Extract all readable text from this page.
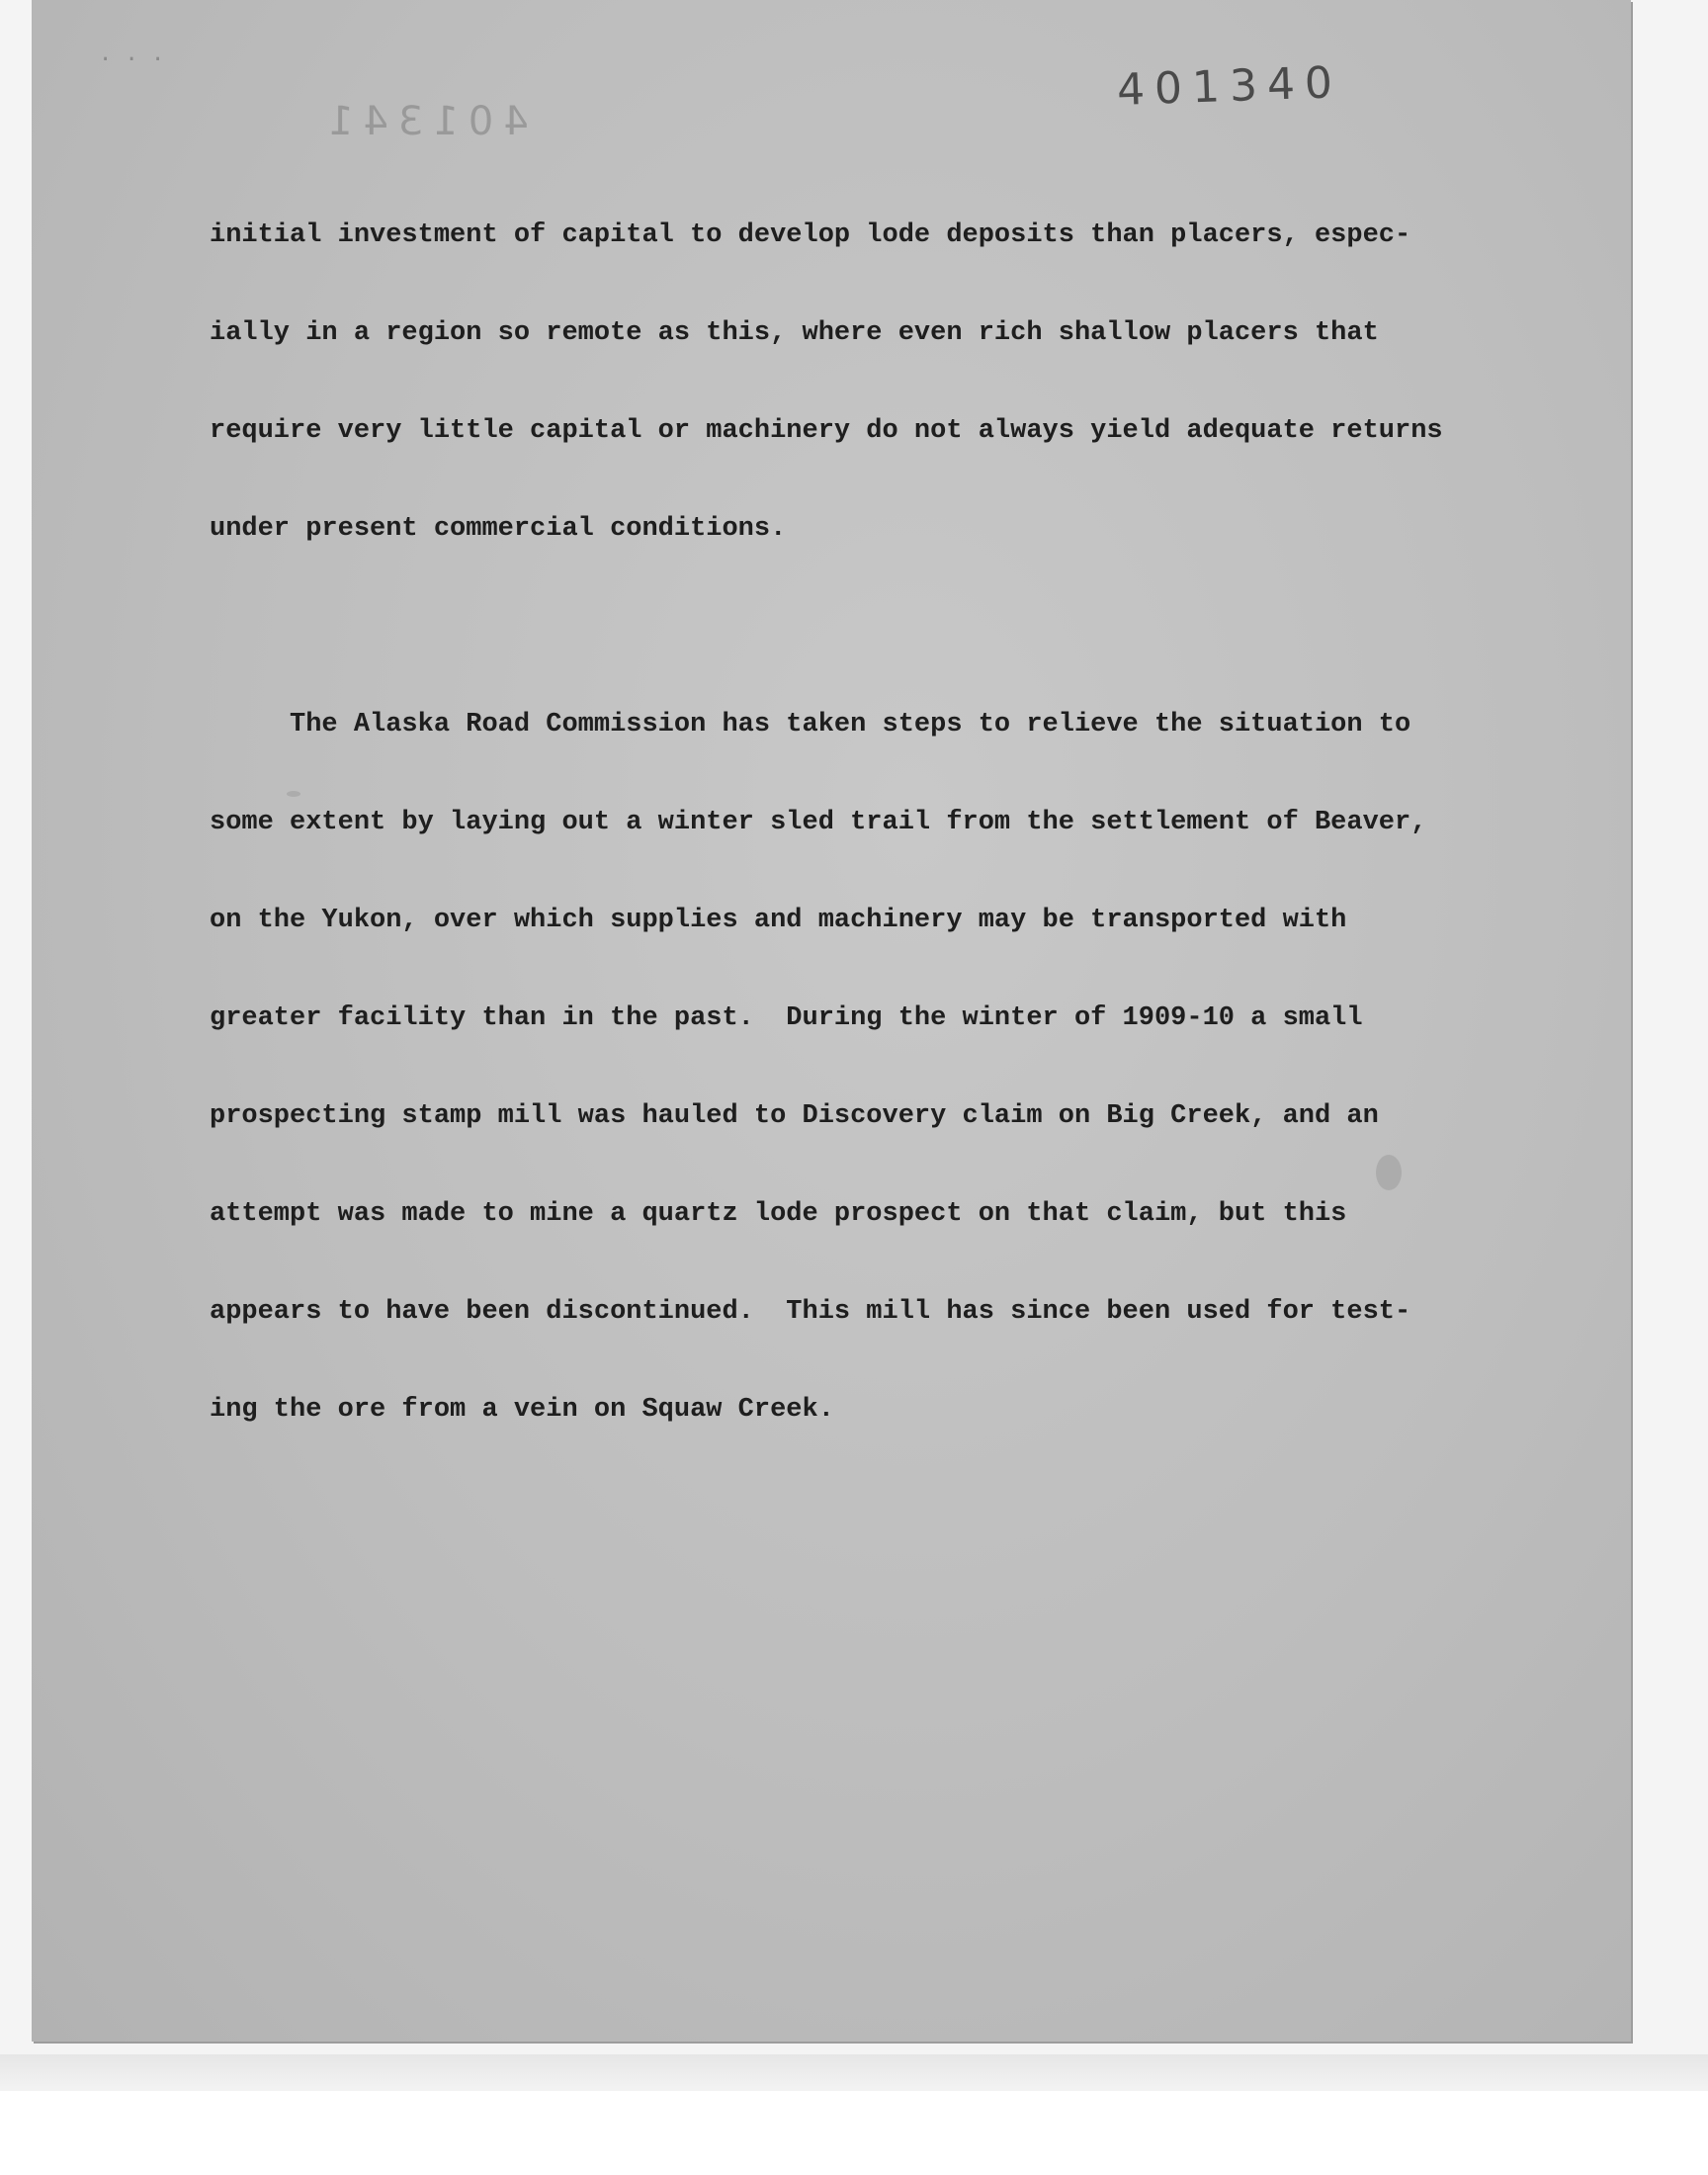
· · ·	401340
401341

initial investment of capital to develop lode deposits than placers, espec-

ially in a region so remote as this, where even rich shallow placers that

require very little capital or machinery do not always yield adequate returns

under present commercial conditions.

The Alaska Road Commission has taken steps to relieve the situation to

some extent by laying out a winter sled trail from the settlement of Beaver,

on the Yukon, over which supplies and machinery may be transported with

greater facility than in the past.  During the winter of 1909-10 a small

prospecting stamp mill was hauled to Discovery claim on Big Creek, and an

attempt was made to mine a quartz lode prospect on that claim, but this

appears to have been discontinued.  This mill has since been used for test-

ing the ore from a vein on Squaw Creek.
